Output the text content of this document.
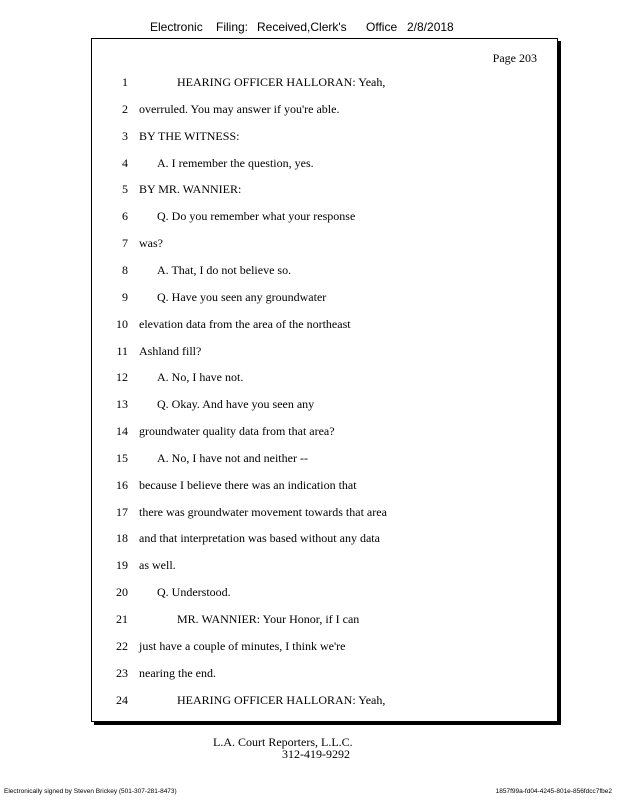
Electronic Filing: Received,Clerk's Office 2/8/2018
Page 203
1	HEARING OFFICER HALLORAN: Yeah,
2 overruled. You may answer if you're able.
3 BY THE WITNESS:
4 A. I remember the question, yes.
5 BY MR. WANNIER:
6 Q. Do you remember what your response
7 was?
8 A. That, I do not believe so.
9 Q. Have you seen any groundwater
10 elevation data from the area of the northeast
11 Ashland fill?
12 A. No, I have not.
13 Q. Okay. And have you seen any
14 groundwater quality data from that area?
15 A. No, I have not and neither --
16 because I believe there was an indication that
17 there was groundwater movement towards that area
18 and that interpretation was based without any data
19 as well.
20 Q. Understood.
21	MR. WANNIER: Your Honor, if I can
22 just have a couple of minutes, I think we're
23 nearing the end.
24	HEARING OFFICER HALLORAN: Yeah,
L.A. Court Reporters, L.L.C.
312-419-9292
Electronically signed by Steven Brickey (501-307-281-8473)	1857f99a-fd04-4245-801e-856fdcc7fbe2
